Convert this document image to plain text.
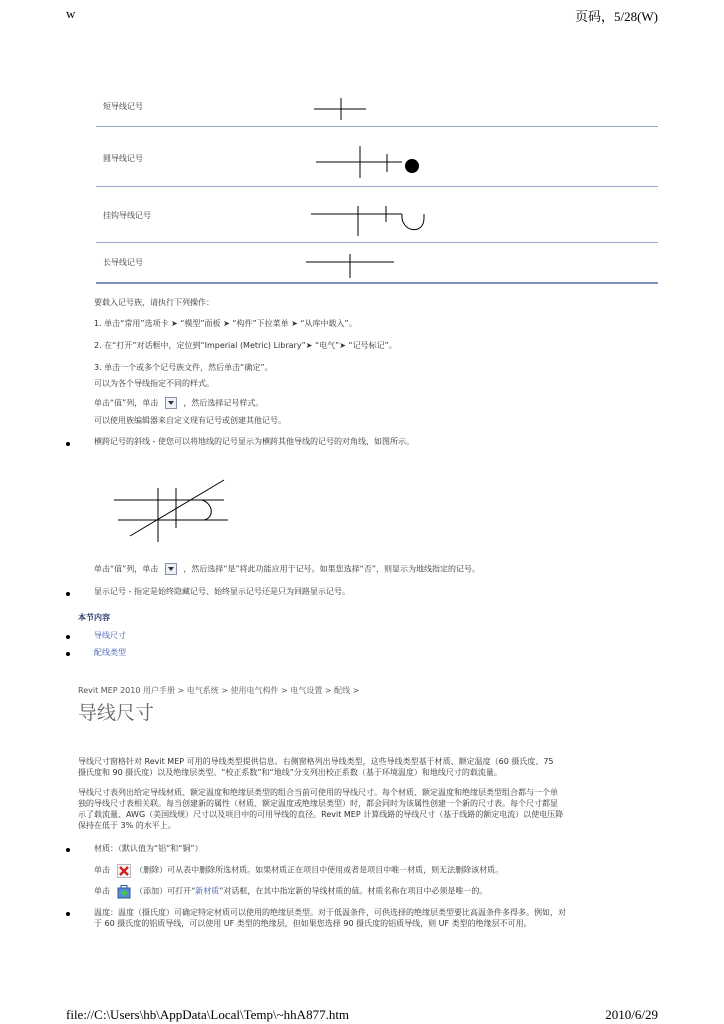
w	页码，5/28(W)
短导线记号
圆导线记号
挂钩导线记号
长导线记号
要载入记号族，请执行下列操作：
1. 单击“常用”选项卡 ➤ “模型”面板 ➤ “构件”下拉菜单 ➤ “从库中载入”。
2. 在“打开”对话框中，定位到“Imperial (Metric) Library”➤ “电气”➤ “记号标记”。
3. 单击一个或多个记号族文件，然后单击“确定”。
可以为各个导线指定不同的样式。
单击“值”列，单击	，然后选择记号样式。
可以使用族编辑器来自定义现有记号或创建其他记号。
横跨记号的斜线 - 使您可以将地线的记号显示为横跨其他导线的记号的对角线，如图所示。
单击“值”列，单击	，然后选择“是”将此功能应用于记号。如果您选择“否”，则显示为地线指定的记号。
显示记号 - 指定是始终隐藏记号、始终显示记号还是只为回路显示记号。
本节内容
导线尺寸
配线类型
Revit MEP 2010 用户手册 > 电气系统 > 使用电气构件 > 电气设置 > 配线 >
导线尺寸
导线尺寸窗格针对 Revit MEP 可用的导线类型提供信息。右侧窗格列出导线类型，这些导线类型基于材质、额定温度（60 摄氏度、75
摄氏度和 90 摄氏度）以及绝缘层类型。“校正系数”和“地线”分支列出校正系数（基于环境温度）和地线尺寸的载流量。
导线尺寸表列出给定导线材质、额定温度和绝缘层类型的组合当前可使用的导线尺寸。每个材质、额定温度和绝缘层类型组合都与一个单
独的导线尺寸表相关联。每当创建新的属性（材质、额定温度或绝缘层类型）时，都会同时为该属性创建一个新的尺寸表。每个尺寸都显
示了载流量、AWG（美国线规）尺寸以及项目中的可用导线的直径。Revit MEP 计算线路的导线尺寸（基于线路的额定电流）以使电压降
保持在低于 3% 的水平上。
材质：（默认值为“铝”和“铜”）
单击	（删除）可从表中删除所选材质。如果材质正在项目中使用或者是项目中唯一材质，则无法删除该材质。
单击	（添加）可打开“新材质”对话框，在其中指定新的导线材质的值。材质名称在项目中必须是唯一的。
温度：温度（摄氏度）可确定特定材质可以使用的绝缘层类型。对于低温条件，可供选择的绝缘层类型要比高温条件多得多。例如，对
于 60 摄氏度的铝质导线，可以使用 UF 类型的绝缘层，但如果您选择 90 摄氏度的铝质导线，则 UF 类型的绝缘层不可用。
file://C:\Users\hb\AppData\Local\Temp\~hhA877.htm	2010/6/29
